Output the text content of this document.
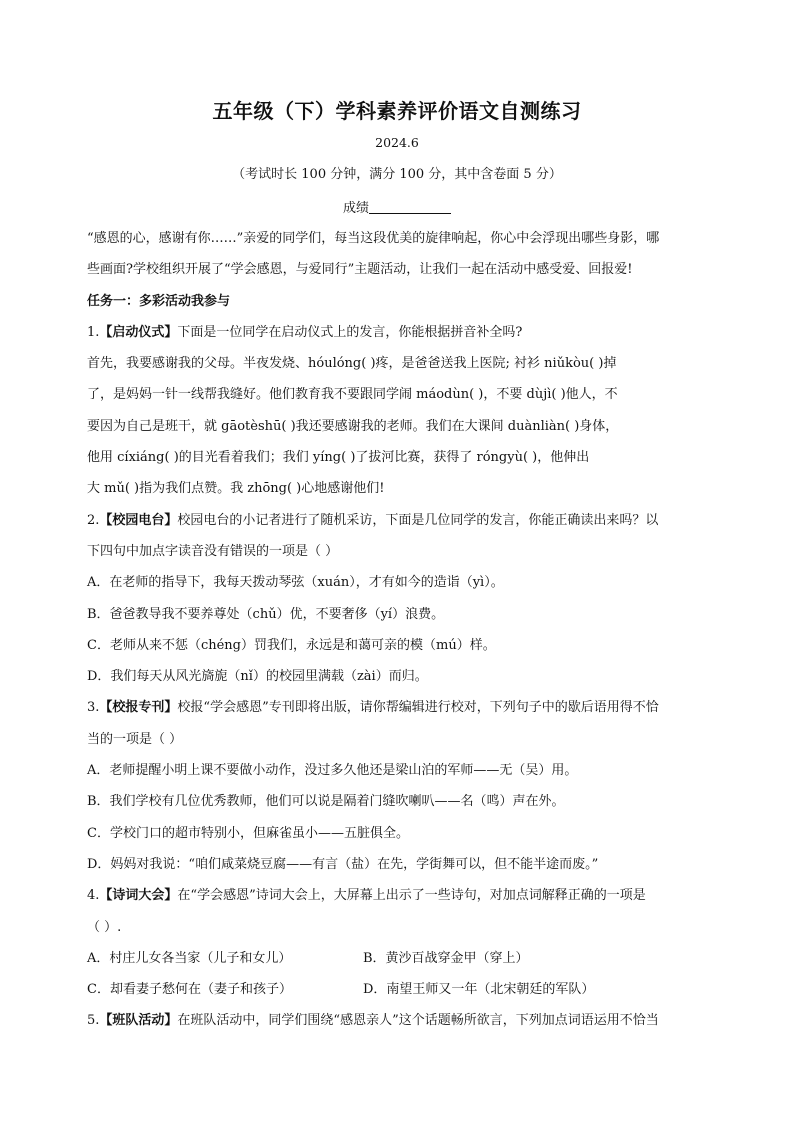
五年级（下）学科素养评价语文自测练习
2024.6
（考试时长 100 分钟，满分 100 分，其中含卷面 5 分）
成绩

“感恩的心，感谢有你……”亲爱的同学们，每当这段优美的旋律响起，你心中会浮现出哪些身影，哪

些画面?学校组织开展了“学会感恩，与爱同行”主题活动，让我们一起在活动中感受爱、回报爱!

任务一：多彩活动我参与

1.【启动仪式】下面是一位同学在启动仪式上的发言，你能根据拼音补全吗?

首先，我要感谢我的父母。半夜发烧、hóulóng( )疼，是爸爸送我上医院; 衬衫 niǔkòu( )掉

了，是妈妈一针一线帮我缝好。他们教育我不要跟同学闹 máodùn( )，不要 dùjì( )他人，不

要因为自己是班干，就 gāotèshū( )我还要感谢我的老师。我们在大课间 duànliàn( )身体，

他用 cíxiáng( )的目光看着我们；我们 yíng( )了拔河比赛，获得了 róngyù( )，他伸出

大 mǔ( )指为我们点赞。我 zhōng( )心地感谢他们!

2.【校园电台】校园电台的小记者进行了随机采访，下面是几位同学的发言，你能正确读出来吗？以

下四句中加点字读音没有错误的一项是（ ）

A．在老师的指导下，我每天拨动琴弦（xuán），才有如今的造诣（yì）。

B．爸爸教导我不要养尊处（chǔ）优，不要奢侈（yí）浪费。

C．老师从来不惩（chéng）罚我们，永远是和蔼可亲的模（mú）样。

D．我们每天从风光旖旎（nǐ）的校园里满载（zài）而归。

3.【校报专刊】校报“学会感恩”专刊即将出版，请你帮编辑进行校对，下列句子中的歇后语用得不恰

当的一项是（ ）

A．老师提醒小明上课不要做小动作，没过多久他还是梁山泊的军师——无（吴）用。

B．我们学校有几位优秀教师，他们可以说是隔着门缝吹喇叭——名（鸣）声在外。

C．学校门口的超市特别小，但麻雀虽小——五脏俱全。

D．妈妈对我说：“咱们咸菜烧豆腐——有言（盐）在先，学街舞可以，但不能半途而废。”

4.【诗词大会】在“学会感恩”诗词大会上，大屏幕上出示了一些诗句，对加点词解释正确的一项是

（ ）.

A．村庄儿女各当家（儿子和女儿）	B．黄沙百战穿金甲（穿上）
C．却看妻子愁何在（妻子和孩子）	D．南望王师又一年（北宋朝廷的军队）

5.【班队活动】在班队活动中，同学们围绕“感恩亲人”这个话题畅所欲言，下列加点词语运用不恰当
